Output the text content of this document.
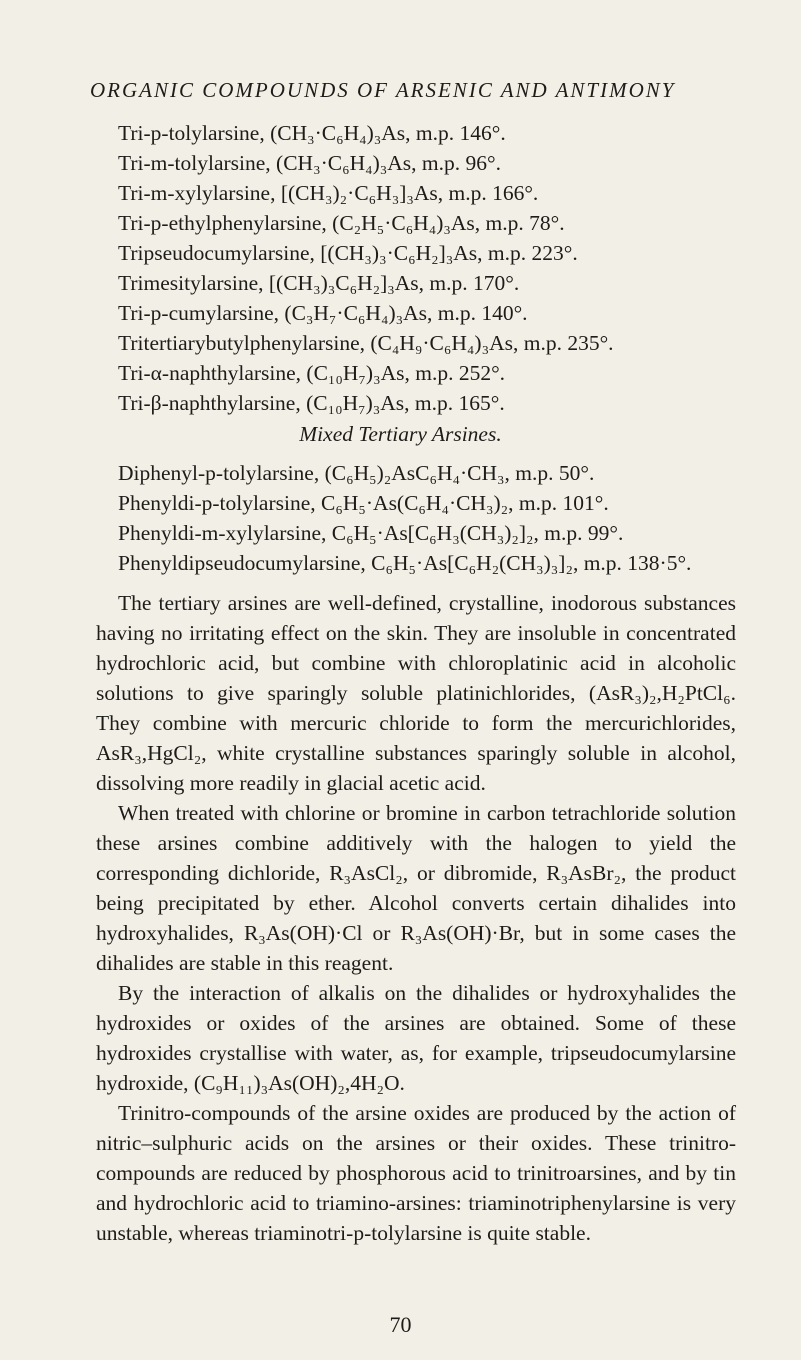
ORGANIC COMPOUNDS OF ARSENIC AND ANTIMONY
Tri-p-tolylarsine, (CH₃·C₆H₄)₃As, m.p. 146°.
Tri-m-tolylarsine, (CH₃·C₆H₄)₃As, m.p. 96°.
Tri-m-xylylarsine, [(CH₃)₂·C₆H₃]₃As, m.p. 166°.
Tri-p-ethylphenylarsine, (C₂H₅·C₆H₄)₃As, m.p. 78°.
Tripseudocumylarsine, [(CH₃)₃·C₆H₂]₃As, m.p. 223°.
Trimesitylarsine, [(CH₃)₃C₆H₂]₃As, m.p. 170°.
Tri-p-cumylarsine, (C₃H₇·C₆H₄)₃As, m.p. 140°.
Tritertiarybutylphenylarsine, (C₄H₉·C₆H₄)₃As, m.p. 235°.
Tri-α-naphthylarsine, (C₁₀H₇)₃As, m.p. 252°.
Tri-β-naphthylarsine, (C₁₀H₇)₃As, m.p. 165°.
Mixed Tertiary Arsines.
Diphenyl-p-tolylarsine, (C₆H₅)₂AsC₆H₄·CH₃, m.p. 50°.
Phenyldi-p-tolylarsine, C₆H₅·As(C₆H₄·CH₃)₂, m.p. 101°.
Phenyldi-m-xylylarsine, C₆H₅·As[C₆H₃(CH₃)₂]₂, m.p. 99°.
Phenyldipseudocumylarsine, C₆H₅·As[C₆H₂(CH₃)₃]₂, m.p. 138·5°.

The tertiary arsines are well-defined, crystalline, inodorous substances having no irritating effect on the skin. They are insoluble in concentrated hydrochloric acid, but combine with chloroplatinic acid in alcoholic solutions to give sparingly soluble platinichlorides, (AsR₃)₂,H₂PtCl₆. They combine with mercuric chloride to form the mercurichlorides, AsR₃,HgCl₂, white crystalline substances sparingly soluble in alcohol, dissolving more readily in glacial acetic acid.

When treated with chlorine or bromine in carbon tetrachloride solution these arsines combine additively with the halogen to yield the corresponding dichloride, R₃AsCl₂, or dibromide, R₃AsBr₂, the product being precipitated by ether. Alcohol converts certain dihalides into hydroxyhalides, R₃As(OH)·Cl or R₃As(OH)·Br, but in some cases the dihalides are stable in this reagent.

By the interaction of alkalis on the dihalides or hydroxyhalides the hydroxides or oxides of the arsines are obtained. Some of these hydroxides crystallise with water, as, for example, tripseudocumylarsine hydroxide, (C₉H₁₁)₃As(OH)₂,4H₂O.

Trinitro-compounds of the arsine oxides are produced by the action of nitric–sulphuric acids on the arsines or their oxides. These trinitro-compounds are reduced by phosphorous acid to trinitroarsines, and by tin and hydrochloric acid to triamino-arsines: triaminotriphenylarsine is very unstable, whereas triaminotri-p-tolylarsine is quite stable.

70
